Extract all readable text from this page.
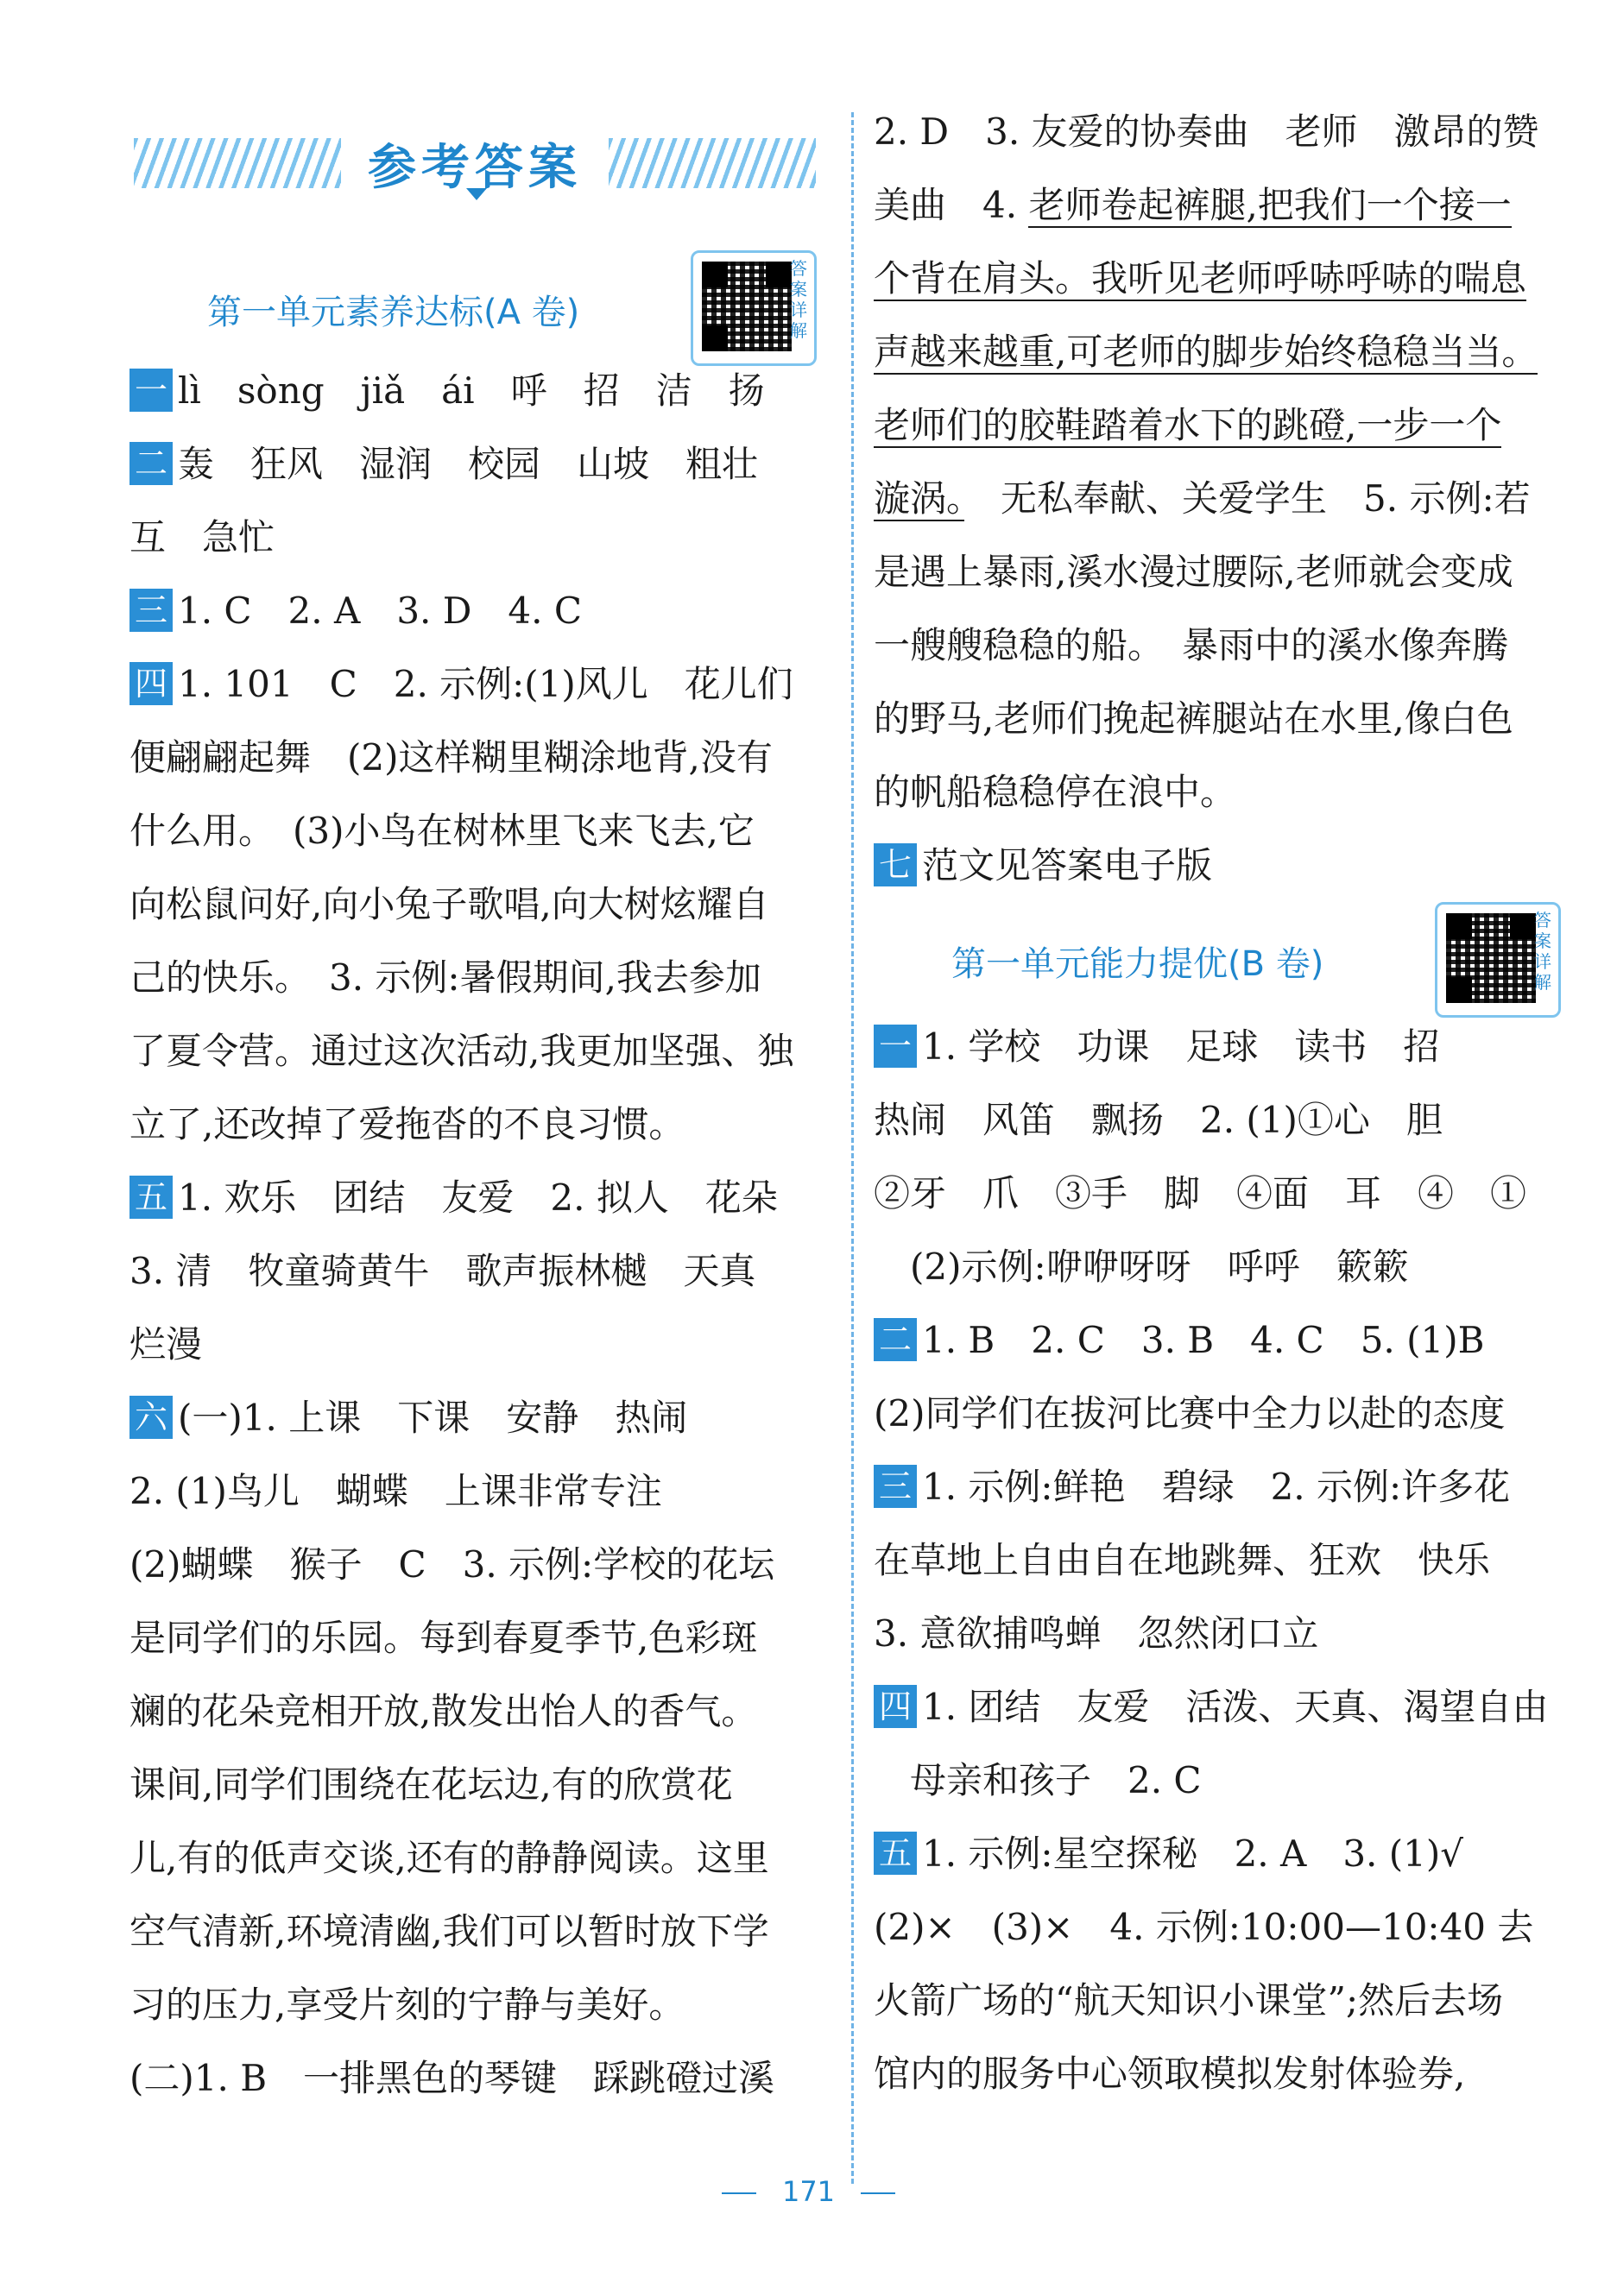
参考答案
第一单元素养达标(A 卷)
答案详解
一 lì　sòng　jiǎ　ái　呼　招　洁　扬
二 轰　狂风　湿润　校园　山坡　粗壮
互　急忙
三 1. C　2. A　3. D　4. C
四 1. 101　C　2. 示例:(1)风儿　花儿们
便翩翩起舞　(2)这样糊里糊涂地背,没有
什么用。　(3)小鸟在树林里飞来飞去,它
向松鼠问好,向小兔子歌唱,向大树炫耀自
己的快乐。　3. 示例:暑假期间,我去参加
了夏令营。通过这次活动,我更加坚强、独
立了,还改掉了爱拖沓的不良习惯。
五 1. 欢乐　团结　友爱　2. 拟人　花朵
3. 清　牧童骑黄牛　歌声振林樾　天真
烂漫
六 (一)1. 上课　下课　安静　热闹
2. (1)鸟儿　蝴蝶　上课非常专注
(2)蝴蝶　猴子　C　3. 示例:学校的花坛
是同学们的乐园。每到春夏季节,色彩斑
斓的花朵竞相开放,散发出怡人的香气。
课间,同学们围绕在花坛边,有的欣赏花
儿,有的低声交谈,还有的静静阅读。这里
空气清新,环境清幽,我们可以暂时放下学
习的压力,享受片刻的宁静与美好。
(二)1. B　一排黑色的琴键　踩跳磴过溪
2. D　3. 友爱的协奏曲　老师　激昂的赞
美曲　4. 老师卷起裤腿,把我们一个接一
个背在肩头。我听见老师呼哧呼哧的喘息
声越来越重,可老师的脚步始终稳稳当当。
老师们的胶鞋踏着水下的跳磴,一步一个
漩涡。　无私奉献、关爱学生　5. 示例:若
是遇上暴雨,溪水漫过腰际,老师就会变成
一艘艘稳稳的船。　暴雨中的溪水像奔腾
的野马,老师们挽起裤腿站在水里,像白色
的帆船稳稳停在浪中。
七 范文见答案电子版
第一单元能力提优(B 卷)
答案详解
一 1. 学校　功课　足球　读书　招
热闹　风笛　飘扬　2. (1)①心　胆
②牙　爪　③手　脚　④面　耳　④　①
　(2)示例:咿咿呀呀　呼呼　簌簌
二 1. B　2. C　3. B　4. C　5. (1)B
(2)同学们在拔河比赛中全力以赴的态度
三 1. 示例:鲜艳　碧绿　2. 示例:许多花
在草地上自由自在地跳舞、狂欢　快乐
3. 意欲捕鸣蝉　忽然闭口立
四 1. 团结　友爱　活泼、天真、渴望自由
　母亲和孩子　2. C
五 1. 示例:星空探秘　2. A　3. (1)√
(2)×　(3)×　4. 示例:10:00—10:40 去
火箭广场的“航天知识小课堂”;然后去场
馆内的服务中心领取模拟发射体验券,
171
